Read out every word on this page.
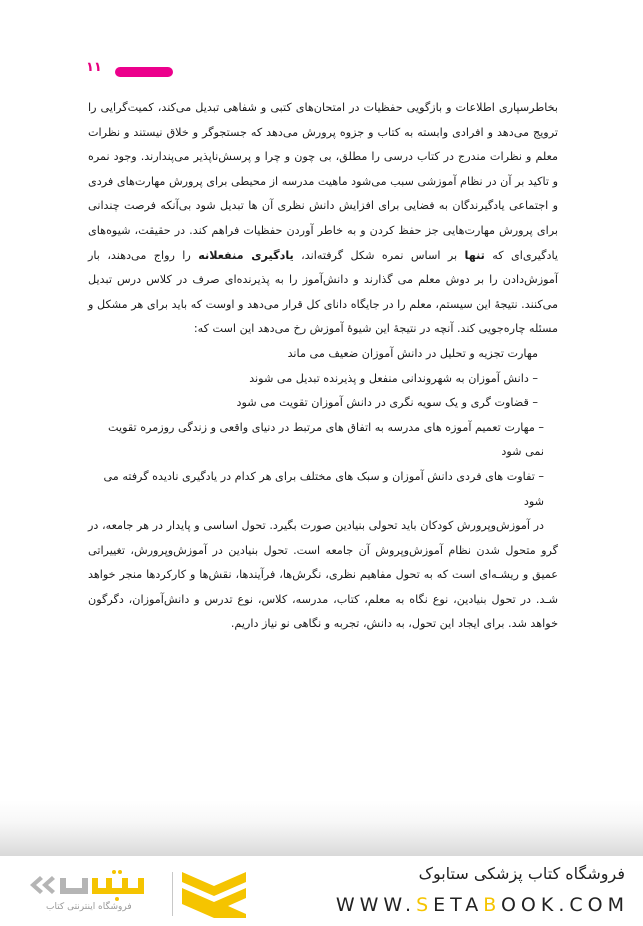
۱۱

بخاطرسپاری اطلاعات و بازگویی حفظیات در امتحان‌های کتبی و شفاهی تبدیل می‌کند، کمیت‌گرایی را ترویج می‌دهد و افرادی وابسته به کتاب و جزوه پرورش می‌دهد که جستجوگر و خلاق نیستند و نظرات معلم و نظرات مندرج در کتاب درسی را مطلق، بی چون و چرا و پرسش‌ناپذیر می‌پندارند. وجود نمره و تاکید بر آن در نظام آموزشی سبب می‌شود ماهیت مدرسه از محیطی برای پرورش مهارت‌های فردی و اجتماعی یادگیرندگان به فضایی برای افزایش دانش نظری آن ها تبدیل شود بی‌آنکه فرصت چندانی برای پرورش مهارت‌هایی جز حفظ کردن و به خاطر آوردن حفظیات فراهم کند. در حقیقت، شیوه‌های یادگیری‌ای که تنها بر اساس نمره شکل گرفته‌اند، یادگیری منفعلانه را رواج می‌دهند، بار آموزش‌دادن را بر دوش معلم می گذارند و دانش‌آموز را به پذیرنده‌ای صرف در کلاس درس تبدیل می‌کنند. نتیجهٔ این سیستم، معلم را در جایگاه دانای کل قرار می‌دهد و اوست که باید برای هر مشکل و مسئله چاره‌جویی کند. آنچه در نتیجهٔ این شیوهٔ آموزش رخ می‌دهد این است که:

مهارت تجزیه و تحلیل در دانش آموزان ضعیف می ماند

– دانش آموزان به شهروندانی منفعل و پذیرنده تبدیل می شوند

– قضاوت گری و یک سویه نگری در دانش آموزان تقویت می شود

– مهارت تعمیم آموزه های مدرسه به اتفاق های مرتبط در دنیای واقعی و زندگی روزمره تقویت نمی شود

– تفاوت های فردی دانش آموزان و سبک های مختلف برای هر کدام در یادگیری نادیده گرفته می شود

در آموزش‌وپرورش کودکان باید تحولی بنیادین صورت بگیرد. تحول اساسی و پایدار در هر جامعه، در گرو متحول شدن نظام آموزش‌وپروش آن جامعه است. تحول بنیادین در آموزش‌وپرورش، تغییراتی عمیق و ریشـه‌ای است که به تحول مفاهیم نظری، نگرش‌ها، فرآیندها، نقش‌ها و کارکردها منجر خواهد شـد. در تحول بنیادین، نوع نگاه به معلم، کتاب، مدرسه، کلاس، نوع تدرس و دانش‌آموزان، دگرگون خواهد شد. برای ایجاد این تحول، به دانش، تجربه و نگاهی نو نیاز داریم.

فروشگاه اینترنتی کتاب
فروشگاه کتاب پزشکی ستابوک
WWW.SETABOOK.COM
